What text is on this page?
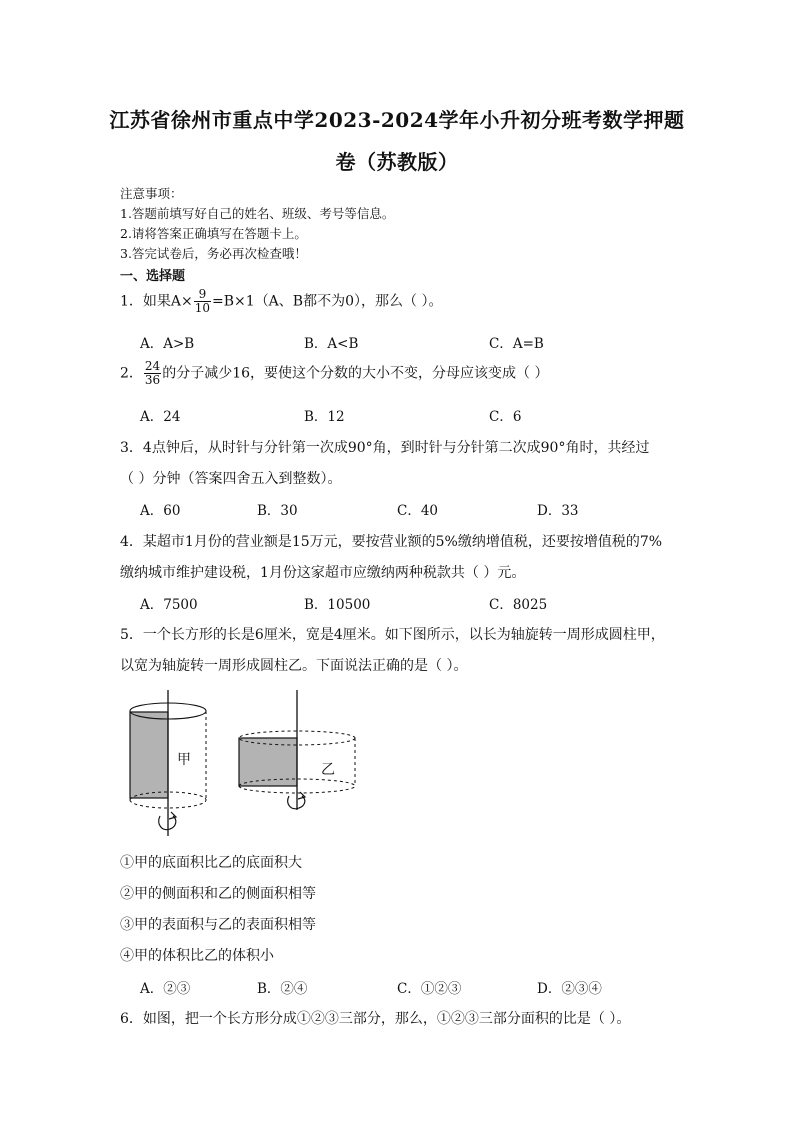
江苏省徐州市重点中学2023-2024学年小升初分班考数学押题
卷（苏教版）
注意事项：
1.答题前填写好自己的姓名、班级、考号等信息。
2.请将答案正确填写在答题卡上。
3.答完试卷后，务必再次检查哦！
一、选择题
1．如果$A\times \frac{9}{10} =B\times 1(A$、B都不为0），那么（ ）。
A．A>B	B．A<B	C．A=B
2． $\frac{24}{36}$ 的分子减少16，要使这个分数的大小不变，分母应该变成（ ）
A．24	B．12	C．6
3．4点钟后，从时针与分针第一次成90°角，到时针与分针第二次成90°角时，共经过
（ ）分钟（答案四舍五入到整数）。
A．60	B．30	C．40	D．33
4．某超市1月份的营业额是15万元，要按营业额的5%缴纳增值税，还要按增值税的7%
缴纳城市维护建设税，1月份这家超市应缴纳两种税款共（ ）元。
A．7500	B．10500	C．8025
5．一个长方形的长是6厘米，宽是4厘米。如下图所示，以长为轴旋转一周形成圆柱甲，
以宽为轴旋转一周形成圆柱乙。下面说法正确的是（ ）。
甲
乙
①甲的底面积比乙的底面积大
②甲的侧面积和乙的侧面积相等
③甲的表面积与乙的表面积相等
④甲的体积比乙的体积小
A．②③	B．②④	C．①②③	D．②③④
6．如图，把一个长方形分成①②③三部分，那么，①②③三部分面积的比是（ ）。
